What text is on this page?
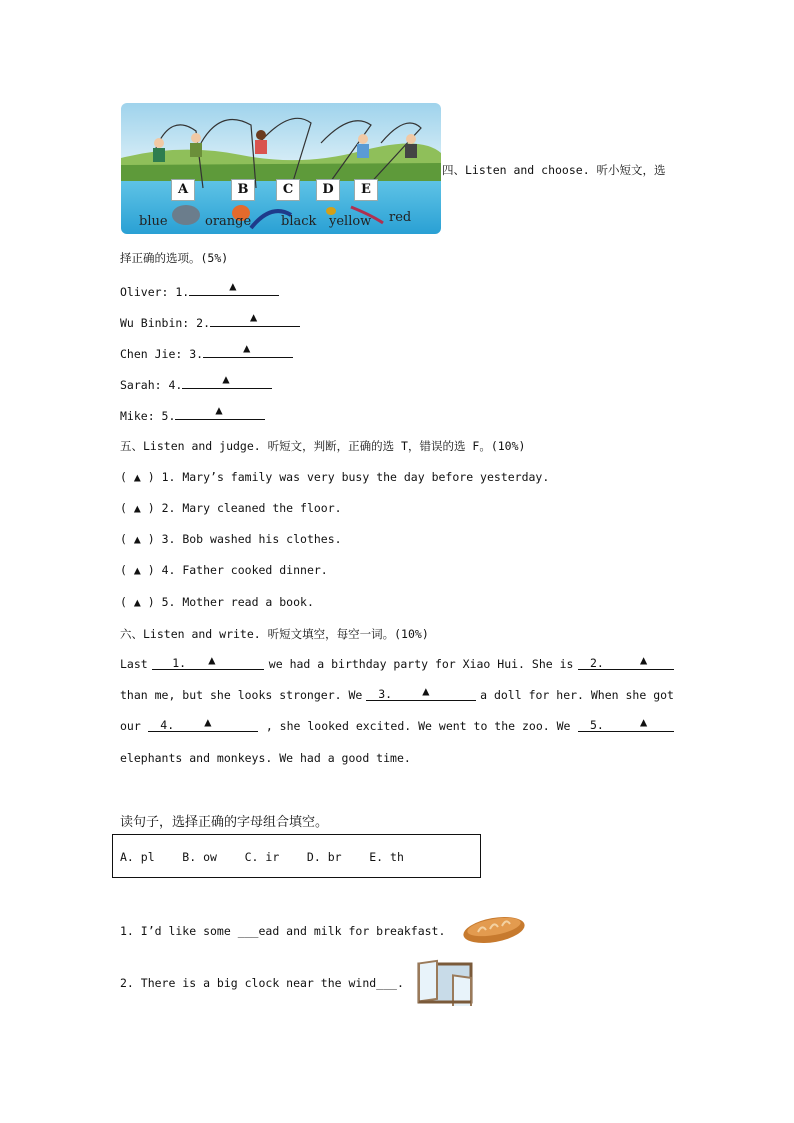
A	B	C	D	E
blue	orange black yellow red
四、Listen and choose. 听小短文，选
择正确的选项。(5%)
Oliver: 1.	▲
Wu Binbin: 2.	▲
Chen Jie: 3.	▲
Sarah: 4.	▲
Mike: 5.	▲
五、Listen and judge. 听短文，判断，正确的选 T，错误的选 F。(10%)
( ▲ ) 1. Mary’s family was very busy the day before yesterday.
( ▲ ) 2. Mary cleaned the floor.
( ▲ ) 3. Bob washed his clothes.
( ▲ ) 4. Father cooked dinner.
( ▲ ) 5. Mother read a book.
六、Listen and write. 听短文填空，每空一词。(10%)
Last 1. ▲	we had a birthday party for Xiao Hui. She is 2.	▲
than me, but she looks stronger. We 3.	▲	a doll for her. When she got
our 4.	▲	, she looked excited. We went to the zoo. We 5.	▲
elephants and monkeys. We had a good time.
读句子，选择正确的字母组合填空。
A. pl    B. ow    C. ir    D. br    E. th
1. I’d like some ___ead and milk for breakfast.
2. There is a big clock near the wind___.
